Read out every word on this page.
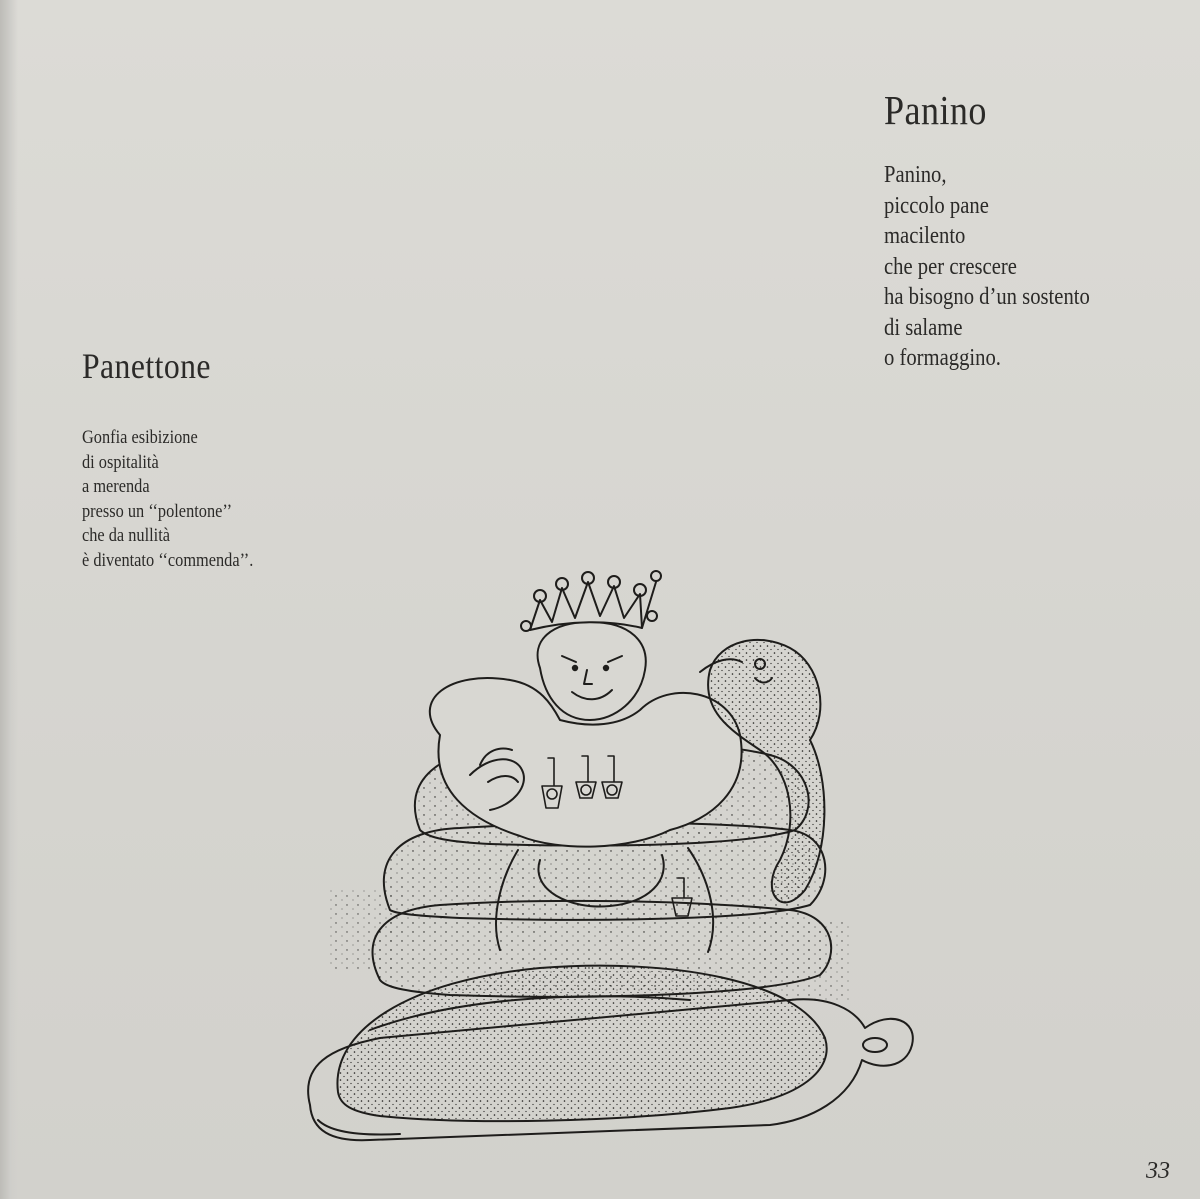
Panino
Panino,
piccolo pane
macilento
che per crescere
ha bisogno d’un sostento
di salame
o formaggino.
Panettone
Gonfia esibizione
di ospitalità
a merenda
presso un ‘‘polentone’’
che da nullità
è diventato ‘‘commenda’’.
33
